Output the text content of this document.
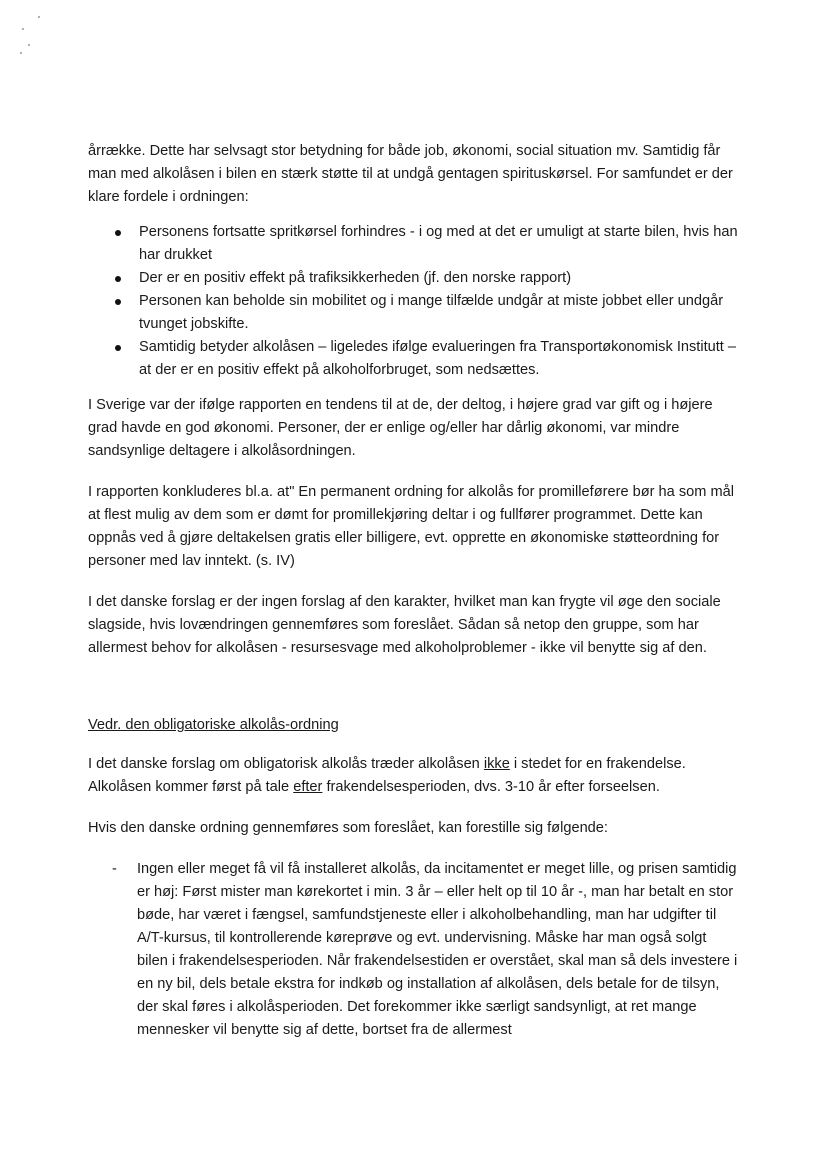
årrække. Dette har selvsagt stor betydning for både job, økonomi, social situation mv. Samtidig får man med alkolåsen i bilen en stærk støtte til at undgå gentagen spirituskørsel. For samfundet er der klare fordele i ordningen:

Personens fortsatte spritkørsel forhindres - i og med at det er umuligt at starte bilen, hvis han har drukket
Der er en positiv effekt på trafiksikkerheden (jf. den norske rapport)
Personen kan beholde sin mobilitet og i mange tilfælde undgår at miste jobbet eller undgår tvunget jobskifte.
Samtidig betyder alkolåsen – ligeledes ifølge evalueringen fra Transportøkonomisk Institutt – at der er en positiv effekt på alkoholforbruget, som nedsættes.

I Sverige var der ifølge rapporten en tendens til at de, der deltog, i højere grad var gift og i højere grad havde en god økonomi. Personer, der er enlige og/eller har dårlig økonomi, var mindre sandsynlige deltagere i alkolåsordningen.

I rapporten konkluderes bl.a. at" En permanent ordning for alkolås for promilleførere bør ha som mål at flest mulig av dem som er dømt for promillekjøring deltar i og fullfører programmet. Dette kan oppnås ved å gjøre deltakelsen gratis eller billigere, evt. opprette en økonomiske støtteordning for personer med lav inntekt. (s. IV)

I det danske forslag er der ingen forslag af den karakter, hvilket man kan frygte vil øge den sociale slagside, hvis lovændringen gennemføres som foreslået. Sådan så netop den gruppe, som har allermest behov for alkolåsen - resursesvage med alkoholproblemer - ikke vil benytte sig af den.

Vedr. den obligatoriske alkolås-ordning

I det danske forslag om obligatorisk alkolås træder alkolåsen ikke i stedet for en frakendelse. Alkolåsen kommer først på tale efter frakendelsesperioden, dvs. 3-10 år efter forseelsen.

Hvis den danske ordning gennemføres som foreslået, kan forestille sig følgende:

- Ingen eller meget få vil få installeret alkolås, da incitamentet er meget lille, og prisen samtidig er høj: Først mister man kørekortet i min. 3 år – eller helt op til 10 år -, man har betalt en stor bøde, har været i fængsel, samfundstjeneste eller i alkoholbehandling, man har udgifter til A/T-kursus, til kontrollerende køreprøve og evt. undervisning. Måske har man også solgt bilen i frakendelsesperioden. Når frakendelsestiden er overstået, skal man så dels investere i en ny bil, dels betale ekstra for indkøb og installation af alkolåsen, dels betale for de tilsyn, der skal føres i alkolåsperioden. Det forekommer ikke særligt sandsynligt, at ret mange mennesker vil benytte sig af dette, bortset fra de allermest
